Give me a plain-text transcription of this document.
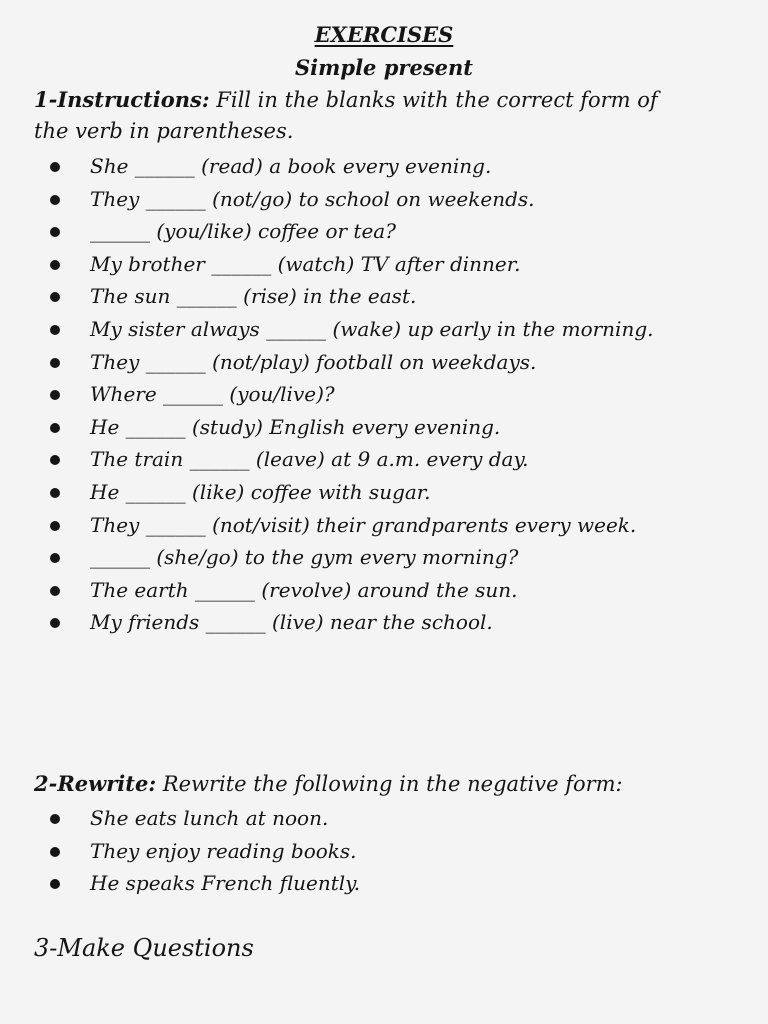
EXERCISES
Simple present
1-Instructions: Fill in the blanks with the correct form of
the verb in parentheses.
She ______ (read) a book every evening.
They ______ (not/go) to school on weekends.
______ (you/like) coffee or tea?
My brother ______ (watch) TV after dinner.
The sun ______ (rise) in the east.
My sister always ______ (wake) up early in the morning.
They ______ (not/play) football on weekdays.
Where ______ (you/live)?
He ______ (study) English every evening.
The train ______ (leave) at 9 a.m. every day.
He ______ (like) coffee with sugar.
They ______ (not/visit) their grandparents every week.
______ (she/go) to the gym every morning?
The earth ______ (revolve) around the sun.
My friends ______ (live) near the school.
2-Rewrite: Rewrite the following in the negative form:
She eats lunch at noon.
They enjoy reading books.
He speaks French fluently.
3-Make Questions
